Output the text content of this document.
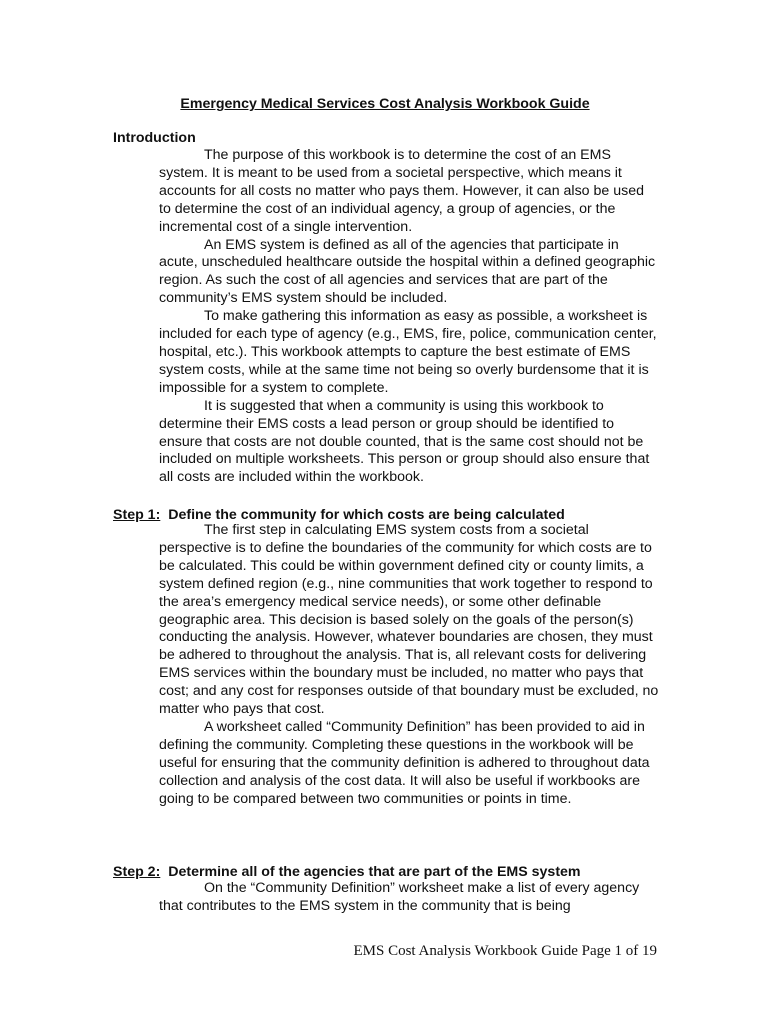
Emergency Medical Services Cost Analysis Workbook Guide
Introduction

The purpose of this workbook is to determine the cost of an EMS system. It is meant to be used from a societal perspective, which means it accounts for all costs no matter who pays them. However, it can also be used to determine the cost of an individual agency, a group of agencies, or the incremental cost of a single intervention.

An EMS system is defined as all of the agencies that participate in acute, unscheduled healthcare outside the hospital within a defined geographic region. As such the cost of all agencies and services that are part of the community’s EMS system should be included.

To make gathering this information as easy as possible, a worksheet is included for each type of agency (e.g., EMS, fire, police, communication center, hospital, etc.). This workbook attempts to capture the best estimate of EMS system costs, while at the same time not being so overly burdensome that it is impossible for a system to complete.

It is suggested that when a community is using this workbook to determine their EMS costs a lead person or group should be identified to ensure that costs are not double counted, that is the same cost should not be included on multiple worksheets. This person or group should also ensure that all costs are included within the workbook.

Step 1: Define the community for which costs are being calculated

The first step in calculating EMS system costs from a societal perspective is to define the boundaries of the community for which costs are to be calculated. This could be within government defined city or county limits, a system defined region (e.g., nine communities that work together to respond to the area’s emergency medical service needs), or some other definable geographic area. This decision is based solely on the goals of the person(s) conducting the analysis. However, whatever boundaries are chosen, they must be adhered to throughout the analysis. That is, all relevant costs for delivering EMS services within the boundary must be included, no matter who pays that cost; and any cost for responses outside of that boundary must be excluded, no matter who pays that cost.

A worksheet called “Community Definition” has been provided to aid in defining the community. Completing these questions in the workbook will be useful for ensuring that the community definition is adhered to throughout data collection and analysis of the cost data. It will also be useful if workbooks are going to be compared between two communities or points in time.

Step 2: Determine all of the agencies that are part of the EMS system

On the “Community Definition” worksheet make a list of every agency that contributes to the EMS system in the community that is being

EMS Cost Analysis Workbook Guide Page 1 of 19
